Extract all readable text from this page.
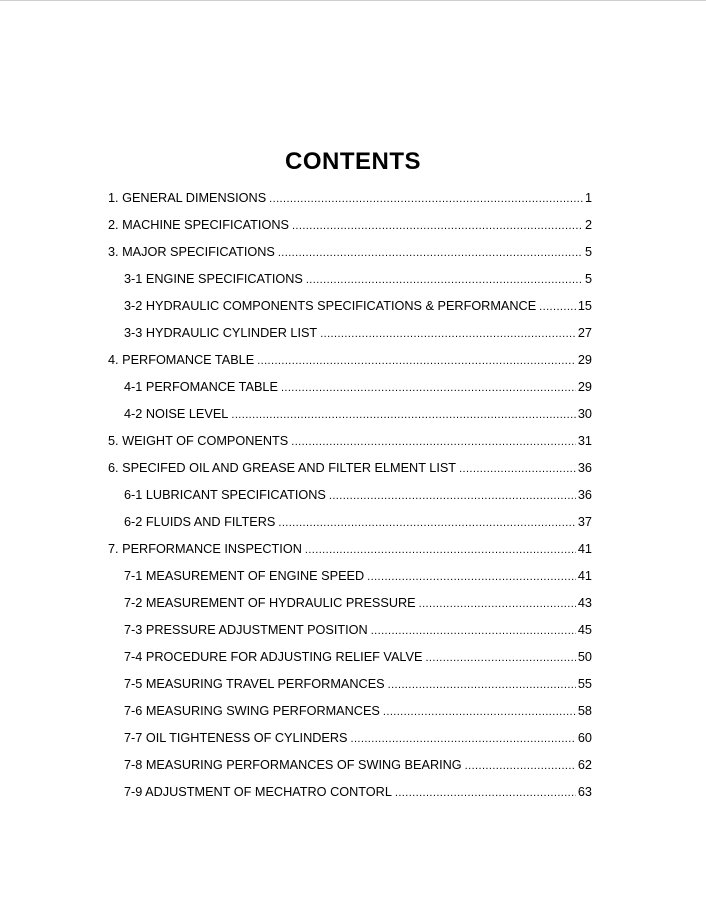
CONTENTS
1. GENERAL DIMENSIONS .....	1
2. MACHINE SPECIFICATIONS .....	2
3. MAJOR SPECIFICATIONS .....	5
3-1 ENGINE SPECIFICATIONS .....	5
3-2 HYDRAULIC COMPONENTS SPECIFICATIONS & PERFORMANCE .....	15
3-3 HYDRAULIC CYLINDER LIST .....	27
4. PERFOMANCE TABLE .....	29
4-1 PERFOMANCE TABLE .....	29
4-2 NOISE LEVEL .....	30
5. WEIGHT OF COMPONENTS .....	31
6. SPECIFED OIL AND GREASE AND FILTER ELMENT LIST .....	36
6-1 LUBRICANT SPECIFICATIONS .....	36
6-2 FLUIDS AND FILTERS .....	37
7. PERFORMANCE INSPECTION .....	41
7-1 MEASUREMENT OF ENGINE SPEED .....	41
7-2 MEASUREMENT OF HYDRAULIC PRESSURE .....	43
7-3 PRESSURE ADJUSTMENT POSITION .....	45
7-4 PROCEDURE FOR ADJUSTING RELIEF VALVE .....	50
7-5 MEASURING TRAVEL PERFORMANCES .....	55
7-6 MEASURING SWING PERFORMANCES .....	58
7-7 OIL TIGHTENESS OF CYLINDERS .....	60
7-8 MEASURING PERFORMANCES OF SWING BEARING .....	62
7-9 ADJUSTMENT OF MECHATRO CONTORL .....	63
